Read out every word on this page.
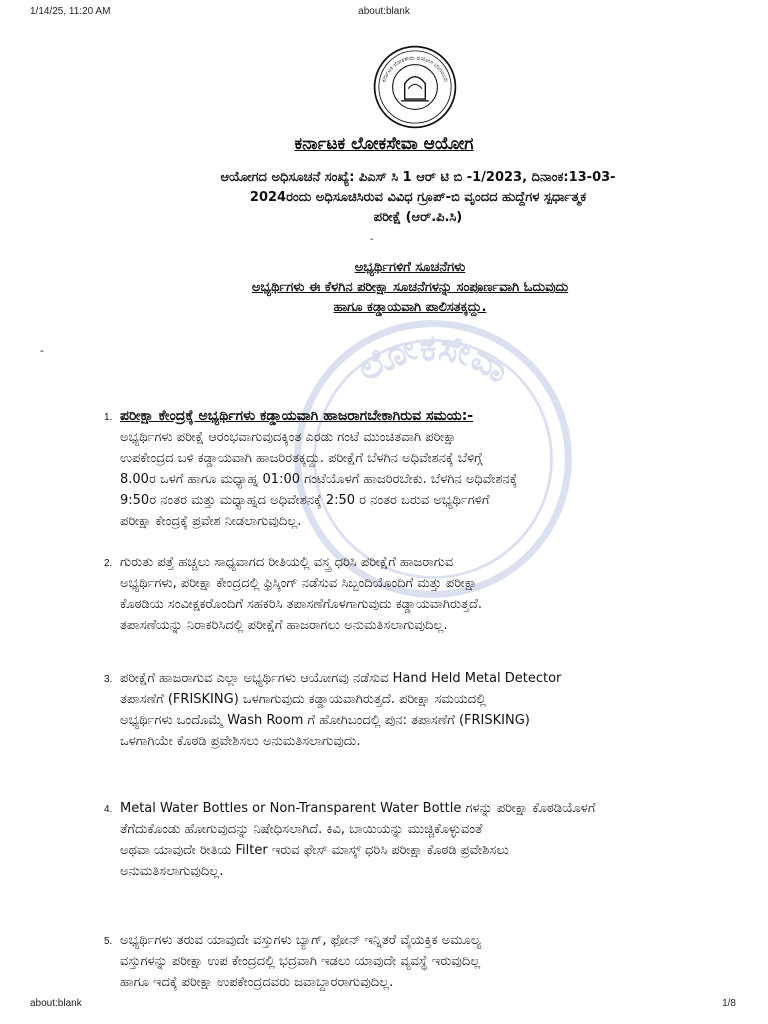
1/14/25, 11:20 AM	about:blank
ಲೋಕಸೇವಾ
ಕರ್ನಾಟಕ ಲೋಕಸೇವಾ ಆಯೋಗ ಬೆಂಗಳೂರು
ಕರ್ನಾಟಕ ಲೋಕಸೇವಾ ಆಯೋಗ
ಆಯೋಗದ ಅಧಿಸೂಚನೆ ಸಂಖ್ಯೆ: ಪಿಎಸ್ ಸಿ 1 ಆರ್ ಟಿ ಬಿ -1/2023, ದಿನಾಂಕ:13-03-
2024ರಂದು ಅಧಿಸೂಚಿಸಿರುವ ವಿವಿಧ ಗ್ರೂಪ್-ಬಿ ವೃಂದದ ಹುದ್ದೆಗಳ ಸ್ಪರ್ಧಾತ್ಮಕ
ಪರೀಕ್ಷೆ (ಆರ್.ಪಿ.ಸಿ)
-
ಅಭ್ಯರ್ಥಿಗಳಿಗೆ ಸೂಚನೆಗಳು
ಅಭ್ಯರ್ಥಿಗಳು ಈ ಕೆಳಗಿನ ಪರೀಕ್ಷಾ ಸೂಚನೆಗಳನ್ನು ಸಂಪೂರ್ಣವಾಗಿ ಓದುವುದು
ಹಾಗೂ ಕಡ್ಡಾಯವಾಗಿ ಪಾಲಿಸತಕ್ಕದ್ದು.
-
1. ಪರೀಕ್ಷಾ ಕೇಂದ್ರಕ್ಕೆ ಅಭ್ಯರ್ಥಿಗಳು ಕಡ್ಡಾಯವಾಗಿ ಹಾಜರಾಗಬೇಕಾಗಿರುವ ಸಮಯ:-
ಅಭ್ಯರ್ಥಿಗಳು ಪರೀಕ್ಷೆ ಆರಂಭವಾಗುವುದಕ್ಕಿಂತ ಎರಡು ಗಂಟೆ ಮುಂಚಿತವಾಗಿ ಪರೀಕ್ಷಾ
ಉಪಕೇಂದ್ರದ ಬಳಿ ಕಡ್ಡಾಯವಾಗಿ ಹಾಜರಿರತಕ್ಕದ್ದು. ಪರೀಕ್ಷೆಗೆ ಬೆಳಗಿನ ಅಧಿವೇಶನಕ್ಕೆ ಬೆಳಿಗ್ಗೆ
8.00ರ ಒಳಗೆ ಹಾಗೂ ಮಧ್ಯಾಹ್ನ 01:00 ಗಂಟೆಯೊಳಗೆ ಹಾಜರಿರಬೇಕು. ಬೆಳಗಿನ ಅಧಿವೇಶನಕ್ಕೆ
9:50ರ ನಂತರ ಮತ್ತು ಮಧ್ಯಾಹ್ನದ ಅಧಿವೇಶನಕ್ಕೆ 2:50 ರ ನಂತರ ಬರುವ ಅಭ್ಯರ್ಥಿಗಳಿಗೆ
ಪರೀಕ್ಷಾ ಕೇಂದ್ರಕ್ಕೆ ಪ್ರವೇಶ ನೀಡಲಾಗುವುದಿಲ್ಲ.
2. ಗುರುತು ಪತ್ತೆ ಹಚ್ಚಲು ಸಾಧ್ಯವಾಗದ ರೀತಿಯಲ್ಲಿ ವಸ್ತ್ರ ಧರಿಸಿ ಪರೀಕ್ಷೆಗೆ ಹಾಜರಾಗುವ
ಅಭ್ಯರ್ಥಿಗಳು, ಪರೀಕ್ಷಾ ಕೇಂದ್ರದಲ್ಲಿ ಫ್ರಿಸ್ಕಿಂಗ್ ನಡೆಸುವ ಸಿಬ್ಬಂದಿಯೊಂದಿಗೆ ಮತ್ತು ಪರೀಕ್ಷಾ
ಕೊಠಡಿಯ ಸಂವೀಕ್ಷಕರೊಂದಿಗೆ ಸಹಕರಿಸಿ ತಪಾಸಣೆಗೊಳಗಾಗುವುದು ಕಡ್ಡಾಯವಾಗಿರುತ್ತದೆ.
ತಪಾಸಣೆಯನ್ನು ನಿರಾಕರಿಸಿದಲ್ಲಿ ಪರೀಕ್ಷೆಗೆ ಹಾಜರಾಗಲು ಅನುಮತಿಸಲಾಗುವುದಿಲ್ಲ.
3. ಪರೀಕ್ಷೆಗೆ ಹಾಜರಾಗುವ ಎಲ್ಲಾ ಅಭ್ಯರ್ಥಿಗಳು ಆಯೋಗವು ನಡೆಸುವ Hand Held Metal Detector
ತಪಾಸಣೆಗೆ (FRISKING) ಒಳಗಾಗುವುದು ಕಡ್ಡಾಯವಾಗಿರುತ್ತದೆ. ಪರೀಕ್ಷಾ ಸಮಯದಲ್ಲಿ
ಅಭ್ಯರ್ಥಿಗಳು ಒಂದೊಮ್ಮೆ Wash Room ಗೆ ಹೋಗಿಬಂದಲ್ಲಿ ಪುನ: ತಪಾಸಣೆಗೆ (FRISKING)
ಒಳಗಾಗಿಯೇ ಕೊಠಡಿ ಪ್ರವೇಶಿಸಲು ಅನುಮತಿಸಲಾಗುವುದು.
4. Metal Water Bottles or Non-Transparent Water Bottle ಗಳನ್ನು ಪರೀಕ್ಷಾ ಕೊಠಡಿಯೊಳಗೆ
ತೆಗೆದುಕೊಂಡು ಹೋಗುವುದನ್ನು ನಿಷೇಧಿಸಲಾಗಿದೆ. ಕಿವಿ, ಬಾಯಿಯನ್ನು ಮುಚ್ಚಿಕೊಳ್ಳುವಂತೆ
ಅಥವಾ ಯಾವುದೇ ರೀತಿಯ Filter ಇರುವ ಫೇಸ್ ಮಾಸ್ಕ್ ಧರಿಸಿ ಪರೀಕ್ಷಾ ಕೊಠಡಿ ಪ್ರವೇಶಿಸಲು
ಅನುಮತಿಸಲಾಗುವುದಿಲ್ಲ.
5. ಅಭ್ಯರ್ಥಿಗಳು ತರುವ ಯಾವುದೇ ವಸ್ತುಗಳು ಬ್ಯಾಗ್, ಫೋನ್ ಇನ್ನಿತರೆ ವೈಯಕ್ತಿಕ ಅಮೂಲ್ಯ
ವಸ್ತುಗಳನ್ನು ಪರೀಕ್ಷಾ ಉಪ ಕೇಂದ್ರದಲ್ಲಿ ಭದ್ರವಾಗಿ ಇಡಲು ಯಾವುದೇ ವ್ಯವಸ್ಥೆ ಇರುವುದಿಲ್ಲ
ಹಾಗೂ ಇದಕ್ಕೆ ಪರೀಕ್ಷಾ ಉಪಕೇಂದ್ರದವರು ಜವಾಬ್ದಾರರಾಗುವುದಿಲ್ಲ.
about:blank	1/8
